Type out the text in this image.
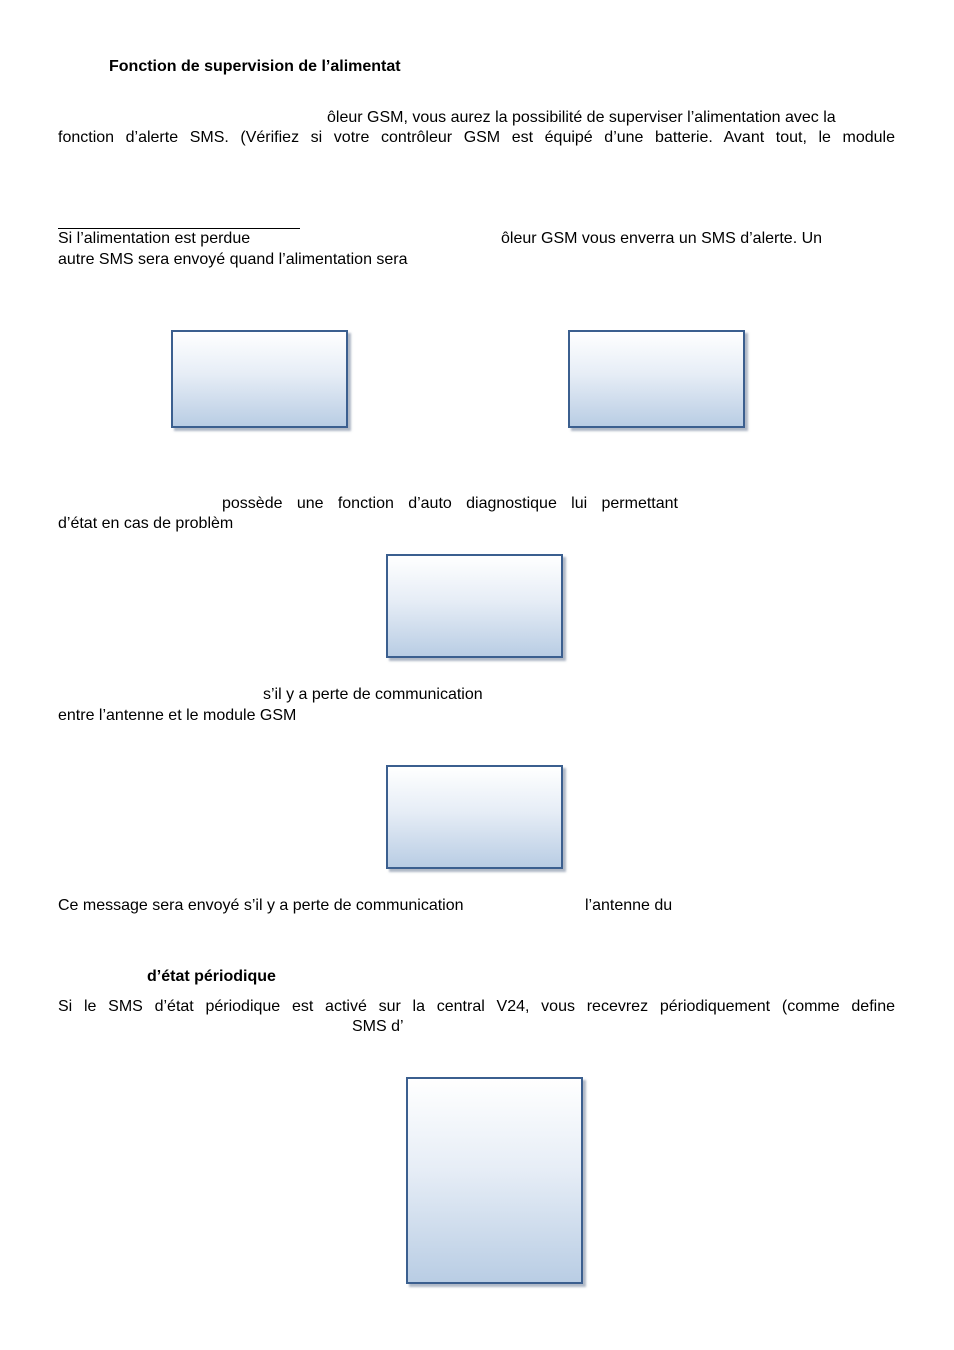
Fonction de supervision de l’alimentat
ôleur GSM, vous aurez la possibilité de superviser l’alimentation avec la
fonction d’alerte SMS. (Vérifiez si votre contrôleur GSM est équipé d’une batterie. Avant tout, le module
Si l’alimentation est perdue	ôleur GSM vous enverra un SMS d’alerte. Un
autre SMS sera envoyé quand l’alimentation sera
possède une fonction d’auto diagnostique lui permettant
d’état en cas de problèm
s’il y a perte de communication
entre l’antenne et le module GSM
Ce message sera envoyé s’il y a perte de communication	l’antenne du
d’état périodique
Si le SMS d’état périodique est activé sur la central V24, vous recevrez périodiquement (comme define
SMS d’
